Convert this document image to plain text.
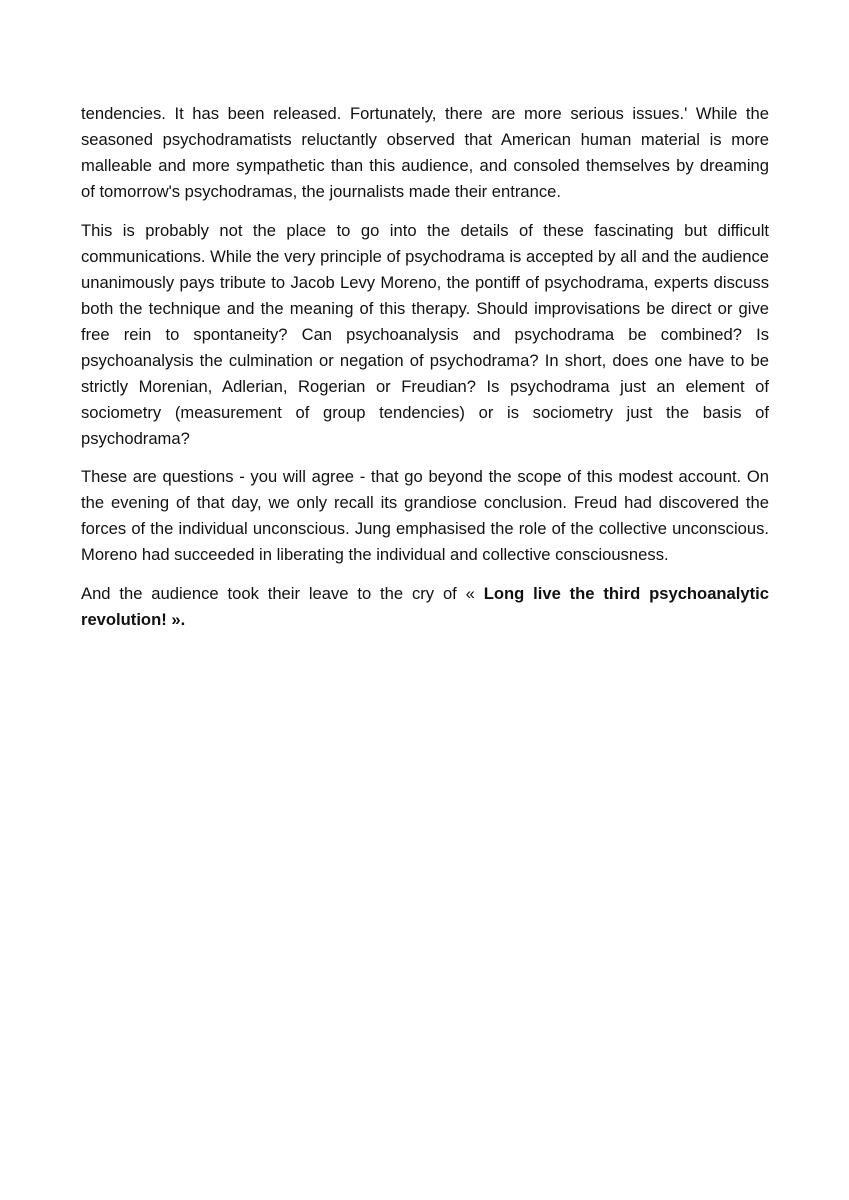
tendencies. It has been released. Fortunately, there are more serious issues.' While the seasoned psychodramatists reluctantly observed that American human material is more malleable and more sympathetic than this audience, and consoled themselves by dreaming of tomorrow's psychodramas, the journalists made their entrance.

This is probably not the place to go into the details of these fascinating but difficult communications. While the very principle of psychodrama is accepted by all and the audience unanimously pays tribute to Jacob Levy Moreno, the pontiff of psychodrama, experts discuss both the technique and the meaning of this therapy. Should improvisations be direct or give free rein to spontaneity? Can psychoanalysis and psychodrama be combined? Is psychoanalysis the culmination or negation of psychodrama? In short, does one have to be strictly Morenian, Adlerian, Rogerian or Freudian? Is psychodrama just an element of sociometry (measurement of group tendencies) or is sociometry just the basis of psychodrama?

These are questions - you will agree - that go beyond the scope of this modest account. On the evening of that day, we only recall its grandiose conclusion. Freud had discovered the forces of the individual unconscious. Jung emphasised the role of the collective unconscious. Moreno had succeeded in liberating the individual and collective consciousness.

And the audience took their leave to the cry of « Long live the third psychoanalytic revolution! ».
